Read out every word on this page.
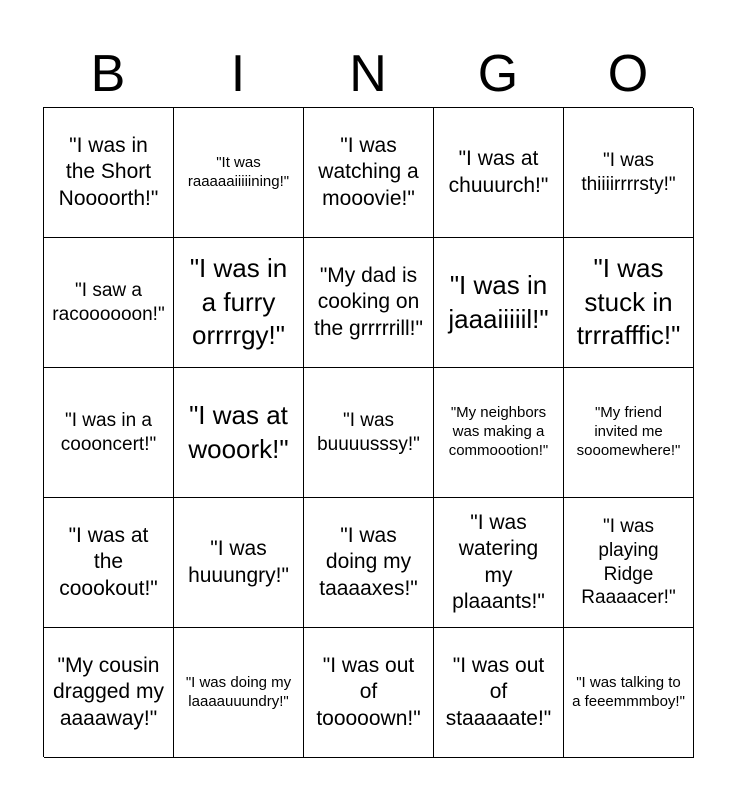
B	I	N	G	O
"I was in the Short Noooorth!"
"It was raaaaaiiiiining!"
"I was watching a mooovie!"
"I was at chuuurch!"
"I was thiiiirrrrsty!"
"I saw a racoooooon!"
"I was in a furry orrrrgy!"
"My dad is cooking on the grrrrrill!"
"I was in jaaaiiiiil!"
"I was stuck in trrrafffic!"
"I was in a coooncert!"
"I was at wooork!"
"I was buuuusssy!"
"My neighbors was making a commoootion!"
"My friend invited me sooomewhere!"
"I was at the coookout!"
"I was huuungry!"
"I was doing my taaaaxes!"
"I was watering my plaaants!"
"I was playing Ridge Raaaacer!"
"My cousin dragged my aaaaway!"
"I was doing my laaaauuundry!"
"I was out of tooooown!"
"I was out of staaaaate!"
"I was talking to a feeemmmboy!"
